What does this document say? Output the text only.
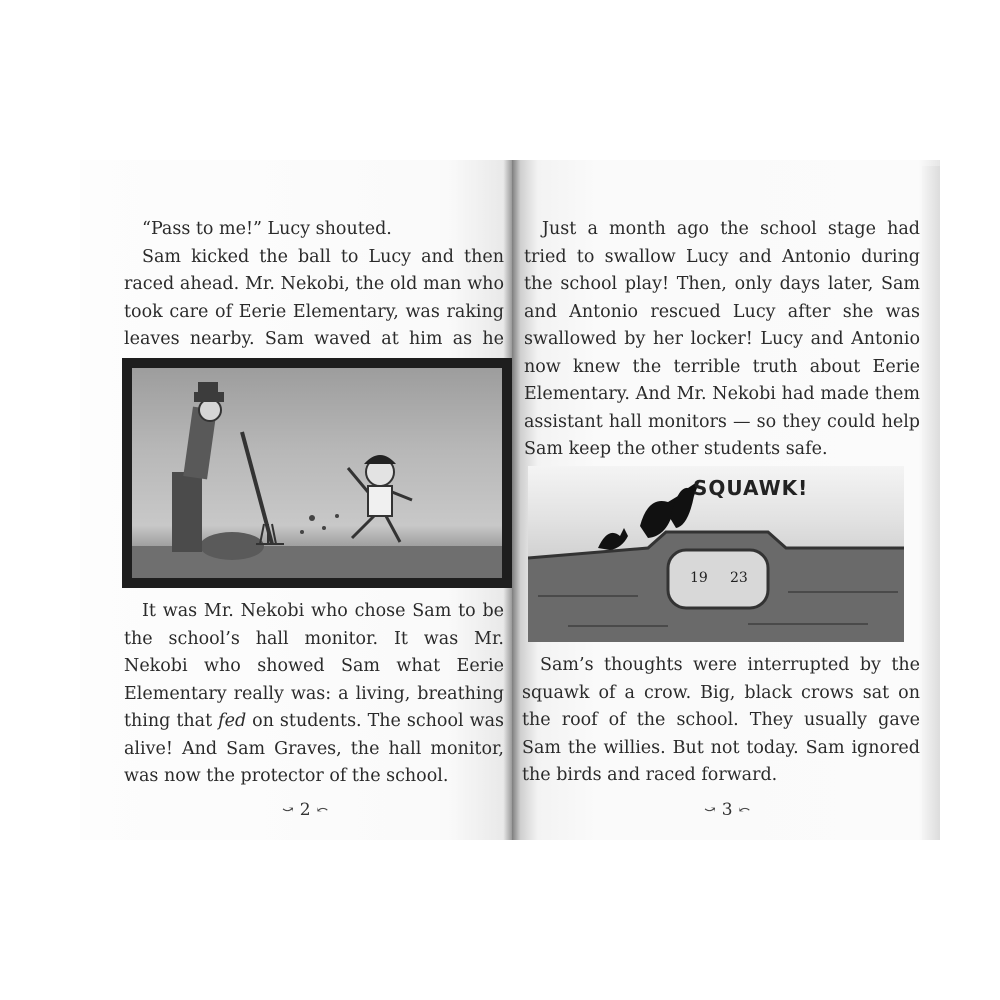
“Pass to me!” Lucy shouted.

Sam kicked the ball to Lucy and then raced ahead. Mr. Nekobi, the old man who took care of Eerie Elementary, was raking leaves nearby. Sam waved at him as he

It was Mr. Nekobi who chose Sam to be the school’s hall monitor. It was Mr. Nekobi who showed Sam what Eerie Elementary really was: a living, breathing thing that fed on students. The school was alive! And Sam Graves, the hall monitor, was now the protector of the school.

⤻ 2 ⤺

Just a month ago the school stage had tried to swallow Lucy and Antonio during the school play! Then, only days later, Sam and Antonio rescued Lucy after she was swallowed by her locker! Lucy and Antonio now knew the terrible truth about Eerie Elementary. And Mr. Nekobi had made them assistant hall monitors — so they could help Sam keep the other students safe.

⤻ 3 ⤺

Sam’s thoughts were interrupted by the squawk of a crow. Big, black crows sat on the roof of the school. They usually gave Sam the willies. But not today. Sam ignored the birds and raced forward.

SQUAWK!
19 23
